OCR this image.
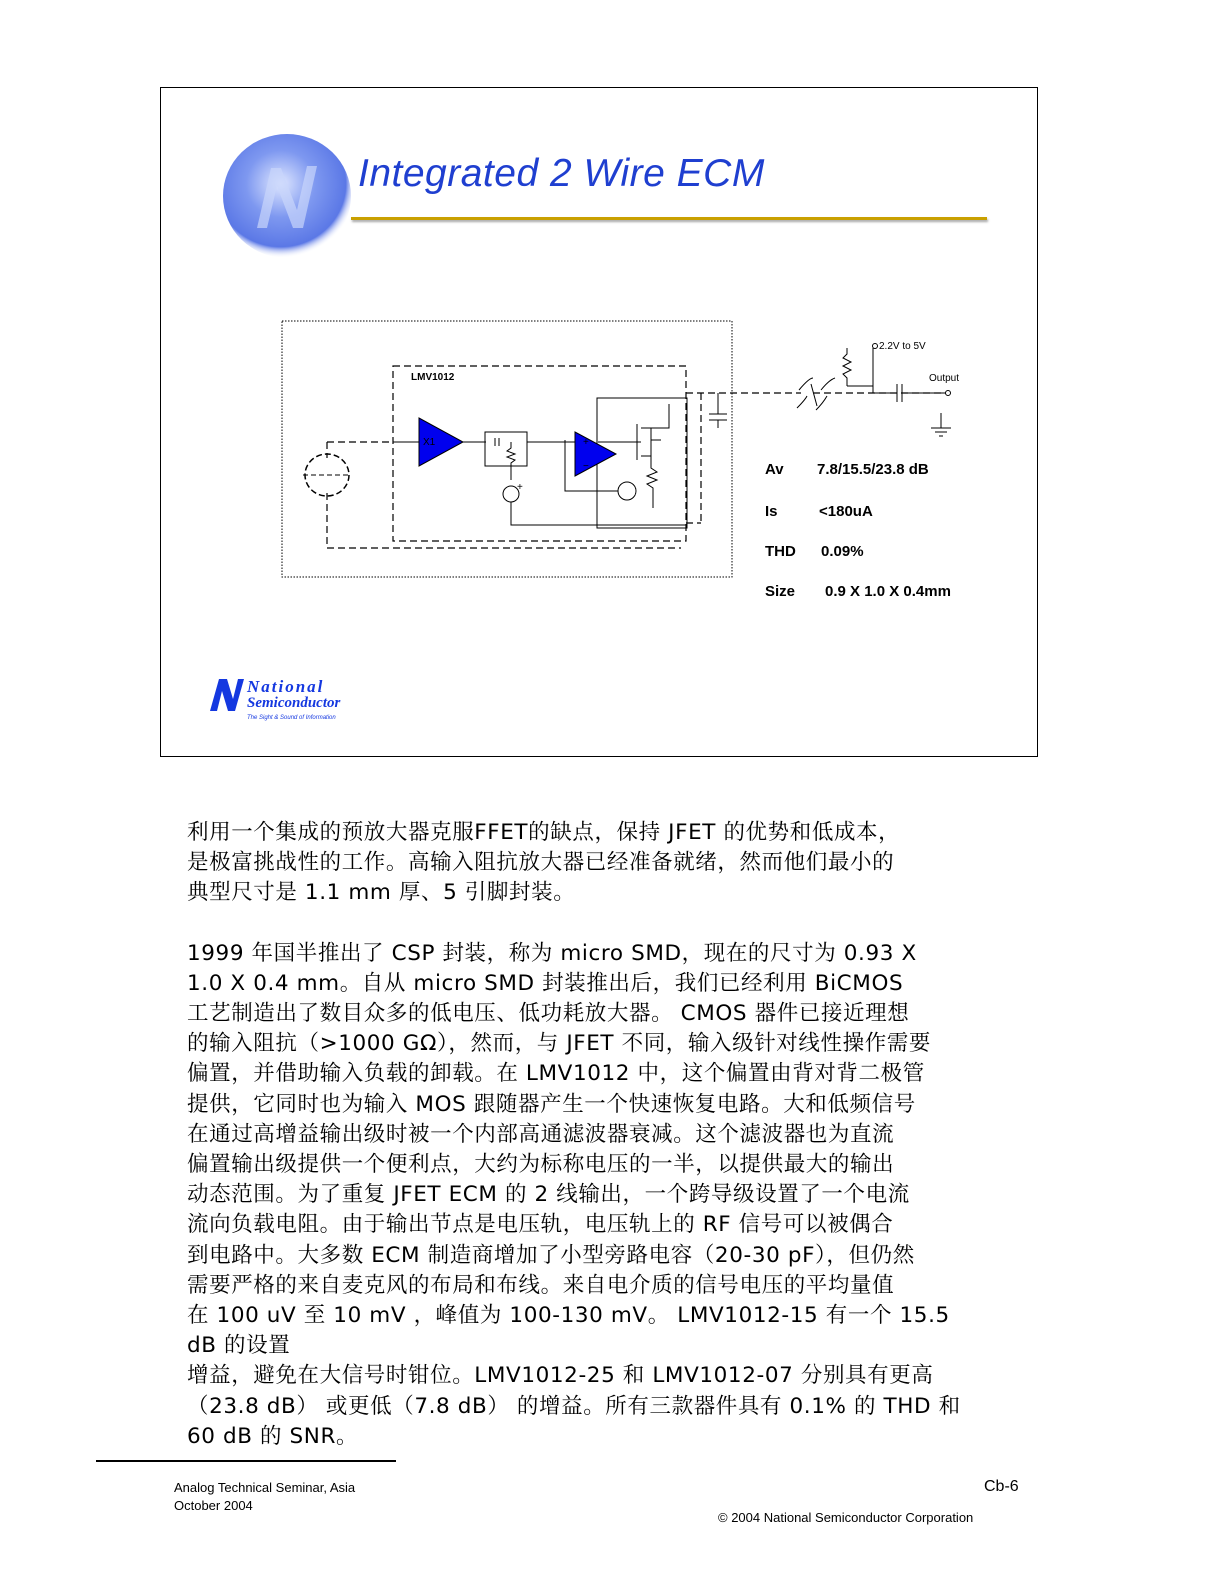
Integrated 2 Wire ECM
X1	+
−
+
2.2V to 5V
Output
LMV1012
Av 7.8/15.5/23.8 dB
Is	<180uA
THD 0.09%
Size 0.9 X 1.0 X 0.4mm
National
Semiconductor
The Sight & Sound of Information

利用一个集成的预放大器克服FFET的缺点，保持 JFET 的优势和低成本，
是极富挑战性的工作。高输入阻抗放大器已经准备就绪，然而他们最小的
典型尺寸是 1.1 mm 厚、5 引脚封装。

1999 年国半推出了 CSP 封装，称为 micro SMD，现在的尺寸为 0.93 X
1.0 X 0.4 mm。自从 micro SMD 封装推出后，我们已经利用 BiCMOS
工艺制造出了数目众多的低电压、低功耗放大器。 CMOS 器件已接近理想
的输入阻抗（>1000 GΩ），然而，与 JFET 不同，输入级针对线性操作需要
偏置，并借助输入负载的卸载。在 LMV1012 中，这个偏置由背对背二极管
提供，它同时也为输入 MOS 跟随器产生一个快速恢复电路。大和低频信号
在通过高增益输出级时被一个内部高通滤波器衰减。这个滤波器也为直流
偏置输出级提供一个便利点，大约为标称电压的一半，以提供最大的输出
动态范围。为了重复 JFET ECM 的 2 线输出，一个跨导级设置了一个电流
流向负载电阻。由于输出节点是电压轨，电压轨上的 RF 信号可以被偶合
到电路中。大多数 ECM 制造商增加了小型旁路电容（20-30 pF），但仍然
需要严格的来自麦克风的布局和布线。来自电介质的信号电压的平均量值
在 100 uV 至 10 mV ，峰值为 100-130 mV。 LMV1012-15 有一个 15.5
dB 的设置
增益，避免在大信号时钳位。LMV1012-25 和 LMV1012-07 分别具有更高
（23.8 dB） 或更低（7.8 dB） 的增益。所有三款器件具有 0.1% 的 THD 和
60 dB 的 SNR。

Analog Technical Seminar, Asia
October 2004
Cb-6
© 2004 National Semiconductor Corporation
